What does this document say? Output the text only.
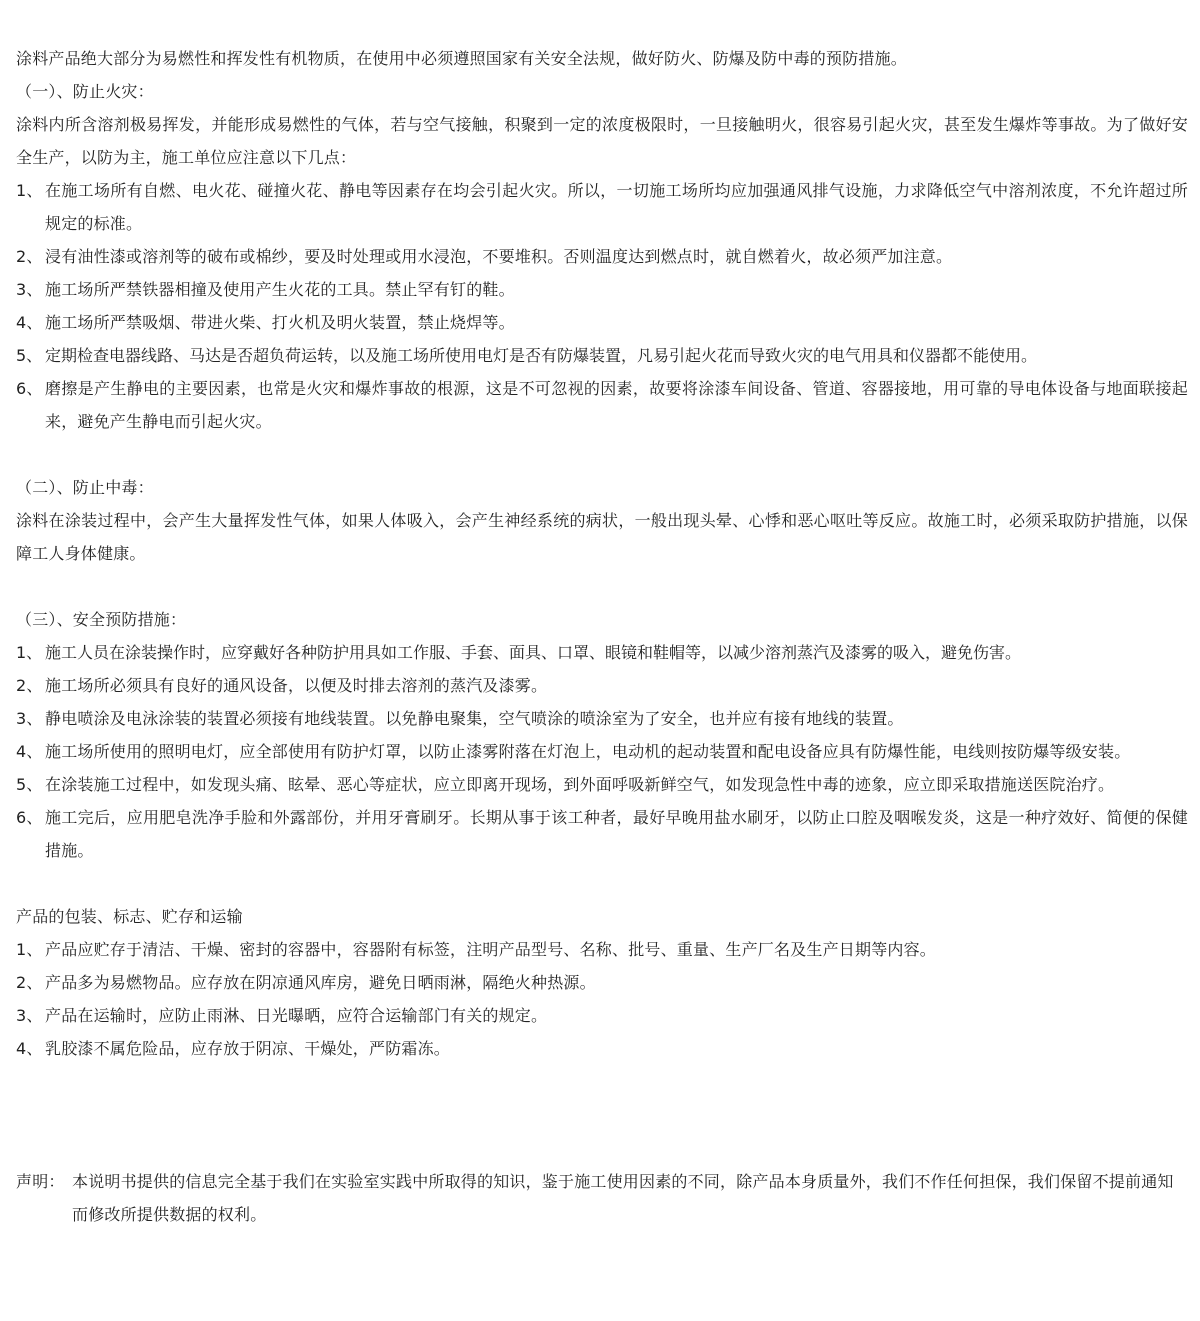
涂料产品绝大部分为易燃性和挥发性有机物质，在使用中必须遵照国家有关安全法规，做好防火、防爆及防中毒的预防措施。
（一）、防止火灾：
涂料内所含溶剂极易挥发，并能形成易燃性的气体，若与空气接触，积聚到一定的浓度极限时，一旦接触明火，很容易引起火灾，甚至发生爆炸等事故。为了做好安全生产，以防为主，施工单位应注意以下几点：
1、 在施工场所有自燃、电火花、碰撞火花、静电等因素存在均会引起火灾。所以，一切施工场所均应加强通风排气设施，力求降低空气中溶剂浓度，不允许超过所规定的标准。
2、 浸有油性漆或溶剂等的破布或棉纱，要及时处理或用水浸泡，不要堆积。否则温度达到燃点时，就自燃着火，故必须严加注意。
3、 施工场所严禁铁器相撞及使用产生火花的工具。禁止罕有钉的鞋。
4、 施工场所严禁吸烟、带进火柴、打火机及明火装置，禁止烧焊等。
5、 定期检查电器线路、马达是否超负荷运转，以及施工场所使用电灯是否有防爆装置，凡易引起火花而导致火灾的电气用具和仪器都不能使用。
6、 磨擦是产生静电的主要因素，也常是火灾和爆炸事故的根源，这是不可忽视的因素，故要将涂漆车间设备、管道、容器接地，用可靠的导电体设备与地面联接起来，避免产生静电而引起火灾。
（二）、防止中毒：
涂料在涂装过程中，会产生大量挥发性气体，如果人体吸入，会产生神经系统的病状，一般出现头晕、心悸和恶心呕吐等反应。故施工时，必须采取防护措施，以保障工人身体健康。
（三）、安全预防措施：
1、 施工人员在涂装操作时，应穿戴好各种防护用具如工作服、手套、面具、口罩、眼镜和鞋帽等，以减少溶剂蒸汽及漆雾的吸入，避免伤害。
2、 施工场所必须具有良好的通风设备，以便及时排去溶剂的蒸汽及漆雾。
3、 静电喷涂及电泳涂装的装置必须接有地线装置。以免静电聚集，空气喷涂的喷涂室为了安全，也并应有接有地线的装置。
4、 施工场所使用的照明电灯，应全部使用有防护灯罩，以防止漆雾附落在灯泡上，电动机的起动装置和配电设备应具有防爆性能，电线则按防爆等级安装。
5、 在涂装施工过程中，如发现头痛、眩晕、恶心等症状，应立即离开现场，到外面呼吸新鲜空气，如发现急性中毒的迹象，应立即采取措施送医院治疗。
6、 施工完后，应用肥皂洗净手脸和外露部份，并用牙膏刷牙。长期从事于该工种者，最好早晚用盐水刷牙，以防止口腔及咽喉发炎，这是一种疗效好、简便的保健措施。
产品的包装、标志、贮存和运输
1、 产品应贮存于清洁、干燥、密封的容器中，容器附有标签，注明产品型号、名称、批号、重量、生产厂名及生产日期等内容。
2、 产品多为易燃物品。应存放在阴凉通风库房，避免日晒雨淋，隔绝火种热源。
3、 产品在运输时，应防止雨淋、日光曝晒，应符合运输部门有关的规定。
4、 乳胶漆不属危险品，应存放于阴凉、干燥处，严防霜冻。
声明： 本说明书提供的信息完全基于我们在实验室实践中所取得的知识，鉴于施工使用因素的不同，除产品本身质量外，我们不作任何担保，我们保留不提前通知而修改所提供数据的权利。
